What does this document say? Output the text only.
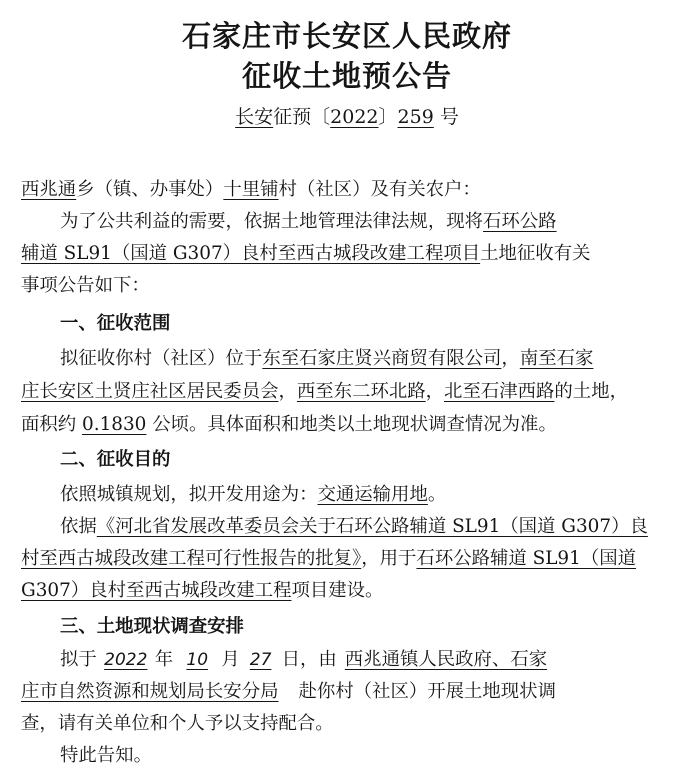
石家庄市长安区人民政府
征收土地预公告
长安征预〔2022〕259 号
西兆通乡（镇、办事处）十里铺村（社区）及有关农户：
为了公共利益的需要，依据土地管理法律法规，现将石环公路
辅道 SL91（国道 G307）良村至西古城段改建工程项目土地征收有关
事项公告如下：
一、征收范围
拟征收你村（社区）位于东至石家庄贤兴商贸有限公司，南至石家
庄长安区土贤庄社区居民委员会，西至东二环北路，北至石津西路的土地，
面积约 0.1830 公顷。具体面积和地类以土地现状调查情况为准。
二、征收目的
依照城镇规划，拟开发用途为：交通运输用地。
依据《河北省发展改革委员会关于石环公路辅道 SL91（国道 G307）良
村至西古城段改建工程可行性报告的批复》，用于石环公路辅道 SL91（国道
G307）良村至西古城段改建工程项目建设。
三、土地现状调查安排
拟于 2022 年 10 月 27 日，由 西兆通镇人民政府、石家
庄市自然资源和规划局长安分局 赴你村（社区）开展土地现状调
查，请有关单位和个人予以支持配合。
特此告知。
